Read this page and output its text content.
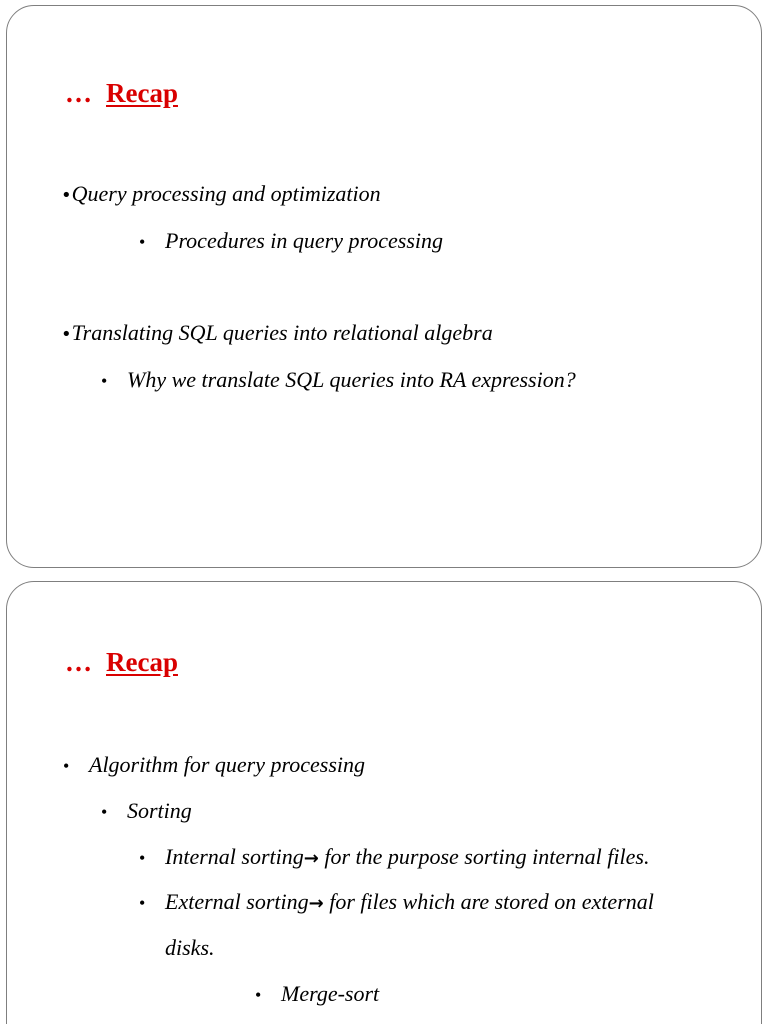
… Recap
•Query processing and optimization
• Procedures in query processing
•Translating SQL queries into relational algebra
• Why we translate SQL queries into RA expression?
… Recap
• Algorithm for query processing
• Sorting
• Internal sorting→ for the purpose sorting internal files.
• External sorting→ for files which are stored on external
disks.
• Merge-sort
